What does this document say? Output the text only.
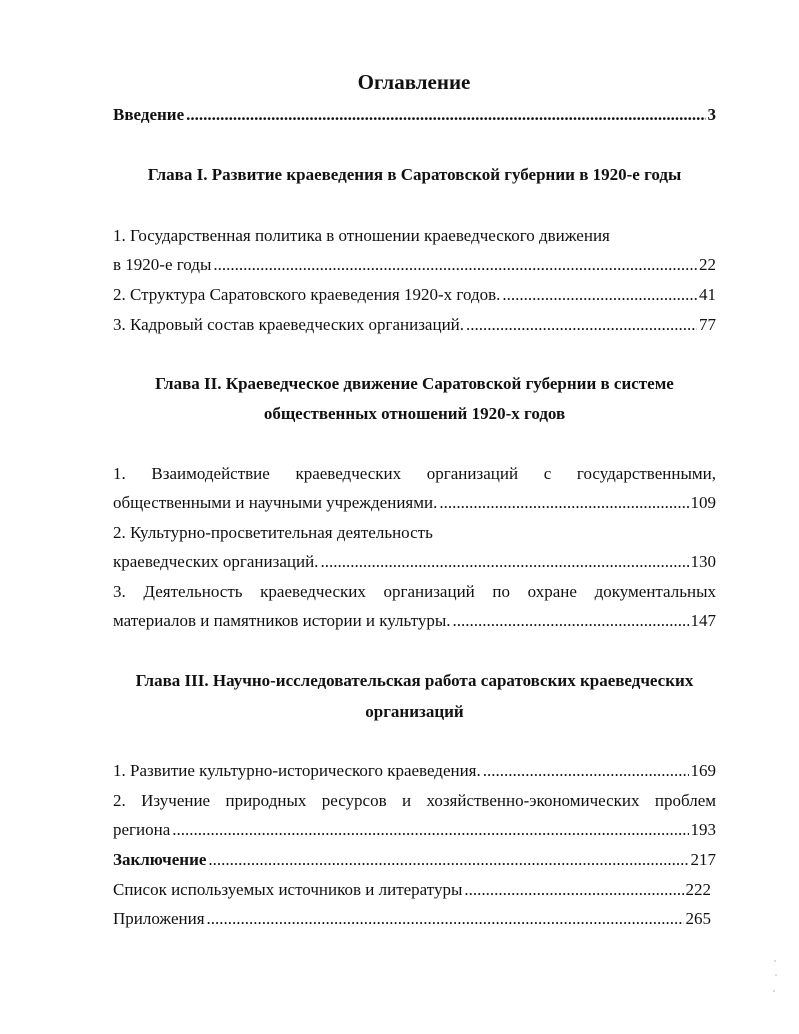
Оглавление
Введение .....	3
Глава I. Развитие краеведения в Саратовской губернии в 1920-е годы
1. Государственная политика в отношении краеведческого движения
в 1920-е годы .....	22
2. Структура Саратовского краеведения 1920-х годов. .....	41
3. Кадровый состав краеведческих организаций. .....	77
Глава II. Краеведческое движение Саратовской губернии в системе
общественных отношений 1920-х годов
1. Взаимодействие краеведческих организаций с государственными,
общественными и научными учреждениями. .....	109
2. Культурно-просветительная деятельность
краеведческих организаций. .....	130
3. Деятельность краеведческих организаций по охране документальных
материалов и памятников истории и культуры. .....	147
Глава III. Научно-исследовательская работа саратовских краеведческих
организаций
1. Развитие культурно-исторического краеведения. .....	169
2. Изучение природных ресурсов и хозяйственно-экономических проблем
региона .....	193
Заключение .....	217
Список используемых источников и литературы .....	222
Приложения .....	265
